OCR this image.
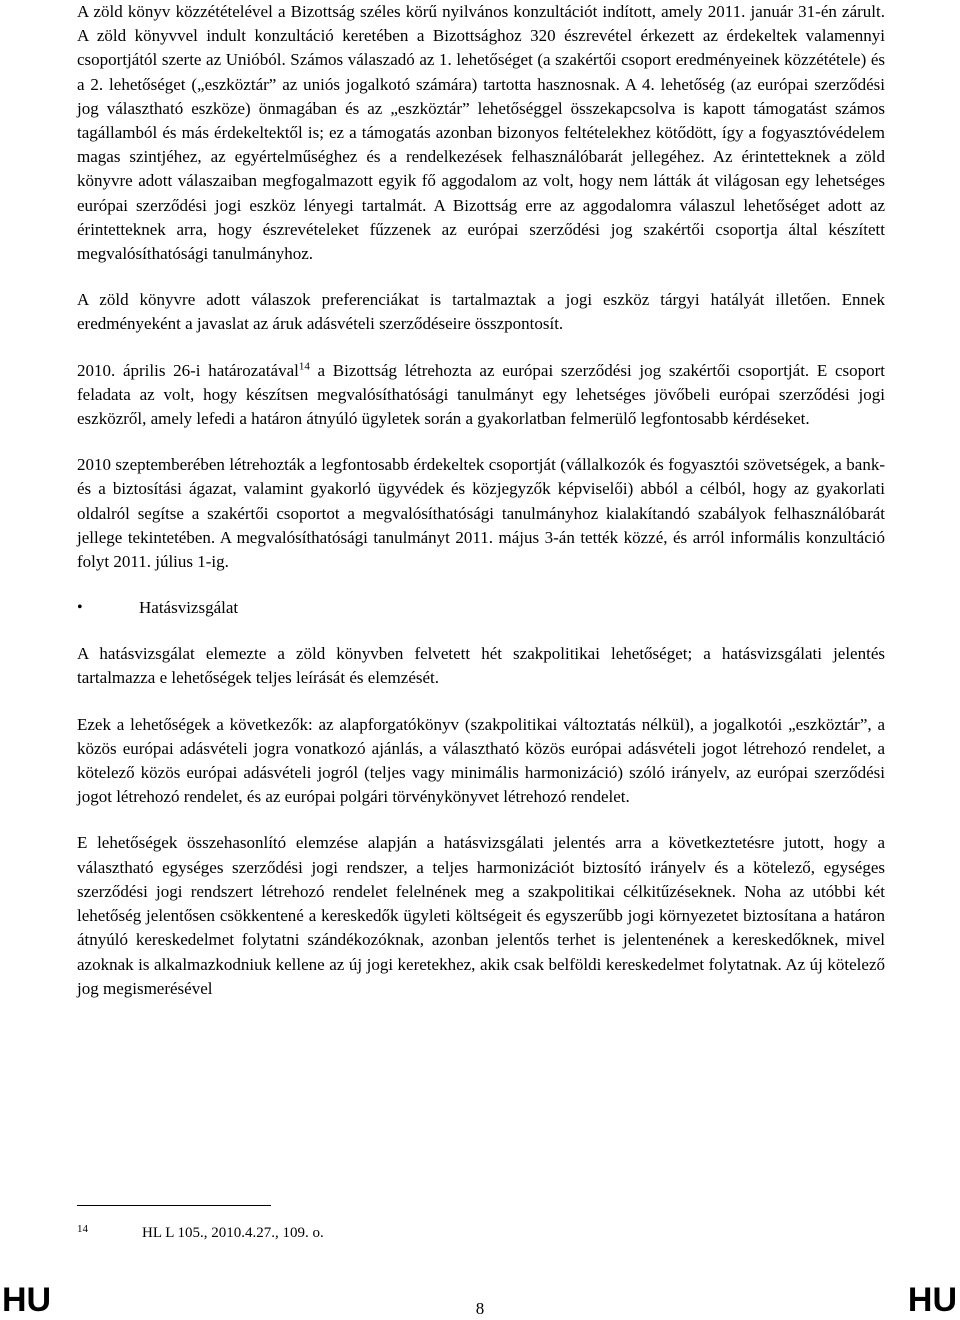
A zöld könyv közzétételével a Bizottság széles körű nyilvános konzultációt indított, amely 2011. január 31-én zárult. A zöld könyvvel indult konzultáció keretében a Bizottsághoz 320 észrevétel érkezett az érdekeltek valamennyi csoportjától szerte az Unióból. Számos válaszadó az 1. lehetőséget (a szakértői csoport eredményeinek közzététele) és a 2. lehetőséget („eszköztár” az uniós jogalkotó számára) tartotta hasznosnak. A 4. lehetőség (az európai szerződési jog választható eszköze) önmagában és az „eszköztár” lehetőséggel összekapcsolva is kapott támogatást számos tagállamból és más érdekeltektől is; ez a támogatás azonban bizonyos feltételekhez kötődött, így a fogyasztóvédelem magas szintjéhez, az egyértelműséghez és a rendelkezések felhasználóbarát jellegéhez. Az érintetteknek a zöld könyvre adott válaszaiban megfogalmazott egyik fő aggodalom az volt, hogy nem látták át világosan egy lehetséges európai szerződési jogi eszköz lényegi tartalmát. A Bizottság erre az aggodalomra válaszul lehetőséget adott az érintetteknek arra, hogy észrevételeket fűzzenek az európai szerződési jog szakértői csoportja által készített megvalósíthatósági tanulmányhoz.

A zöld könyvre adott válaszok preferenciákat is tartalmaztak a jogi eszköz tárgyi hatályát illetően. Ennek eredményeként a javaslat az áruk adásvételi szerződéseire összpontosít.

2010. április 26-i határozatával$^{14}$ a Bizottság létrehozta az európai szerződési jog szakértői csoportját. E csoport feladata az volt, hogy készítsen megvalósíthatósági tanulmányt egy lehetséges jövőbeli európai szerződési jogi eszközről, amely lefedi a határon átnyúló ügyletek során a gyakorlatban felmerülő legfontosabb kérdéseket.

2010 szeptemberében létrehozták a legfontosabb érdekeltek csoportját (vállalkozók és fogyasztói szövetségek, a bank- és a biztosítási ágazat, valamint gyakorló ügyvédek és közjegyzők képviselői) abból a célból, hogy az gyakorlati oldalról segítse a szakértői csoportot a megvalósíthatósági tanulmányhoz kialakítandó szabályok felhasználóbarát jellege tekintetében. A megvalósíthatósági tanulmányt 2011. május 3-án tették közzé, és arról informális konzultáció folyt 2011. július 1-ig.

•	Hatásvizsgálat

A hatásvizsgálat elemezte a zöld könyvben felvetett hét szakpolitikai lehetőséget; a hatásvizsgálati jelentés tartalmazza e lehetőségek teljes leírását és elemzését.

Ezek a lehetőségek a következők: az alapforgatókönyv (szakpolitikai változtatás nélkül), a jogalkotói „eszköztár”, a közös európai adásvételi jogra vonatkozó ajánlás, a választható közös európai adásvételi jogot létrehozó rendelet, a kötelező közös európai adásvételi jogról (teljes vagy minimális harmonizáció) szóló irányelv, az európai szerződési jogot létrehozó rendelet, és az európai polgári törvénykönyvet létrehozó rendelet.

E lehetőségek összehasonlító elemzése alapján a hatásvizsgálati jelentés arra a következtetésre jutott, hogy a választható egységes szerződési jogi rendszer, a teljes harmonizációt biztosító irányelv és a kötelező, egységes szerződési jogi rendszert létrehozó rendelet felelnének meg a szakpolitikai célkitűzéseknek. Noha az utóbbi két lehetőség jelentősen csökkentené a kereskedők ügyleti költségeit és egyszerűbb jogi környezetet biztosítana a határon átnyúló kereskedelmet folytatni szándékozóknak, azonban jelentős terhet is jelentenének a kereskedőknek, mivel azoknak is alkalmazkodniuk kellene az új jogi keretekhez, akik csak belföldi kereskedelmet folytatnak. Az új kötelező jog megismerésével

14	HL L 105., 2010.4.27., 109. o.
HU	8	HU
